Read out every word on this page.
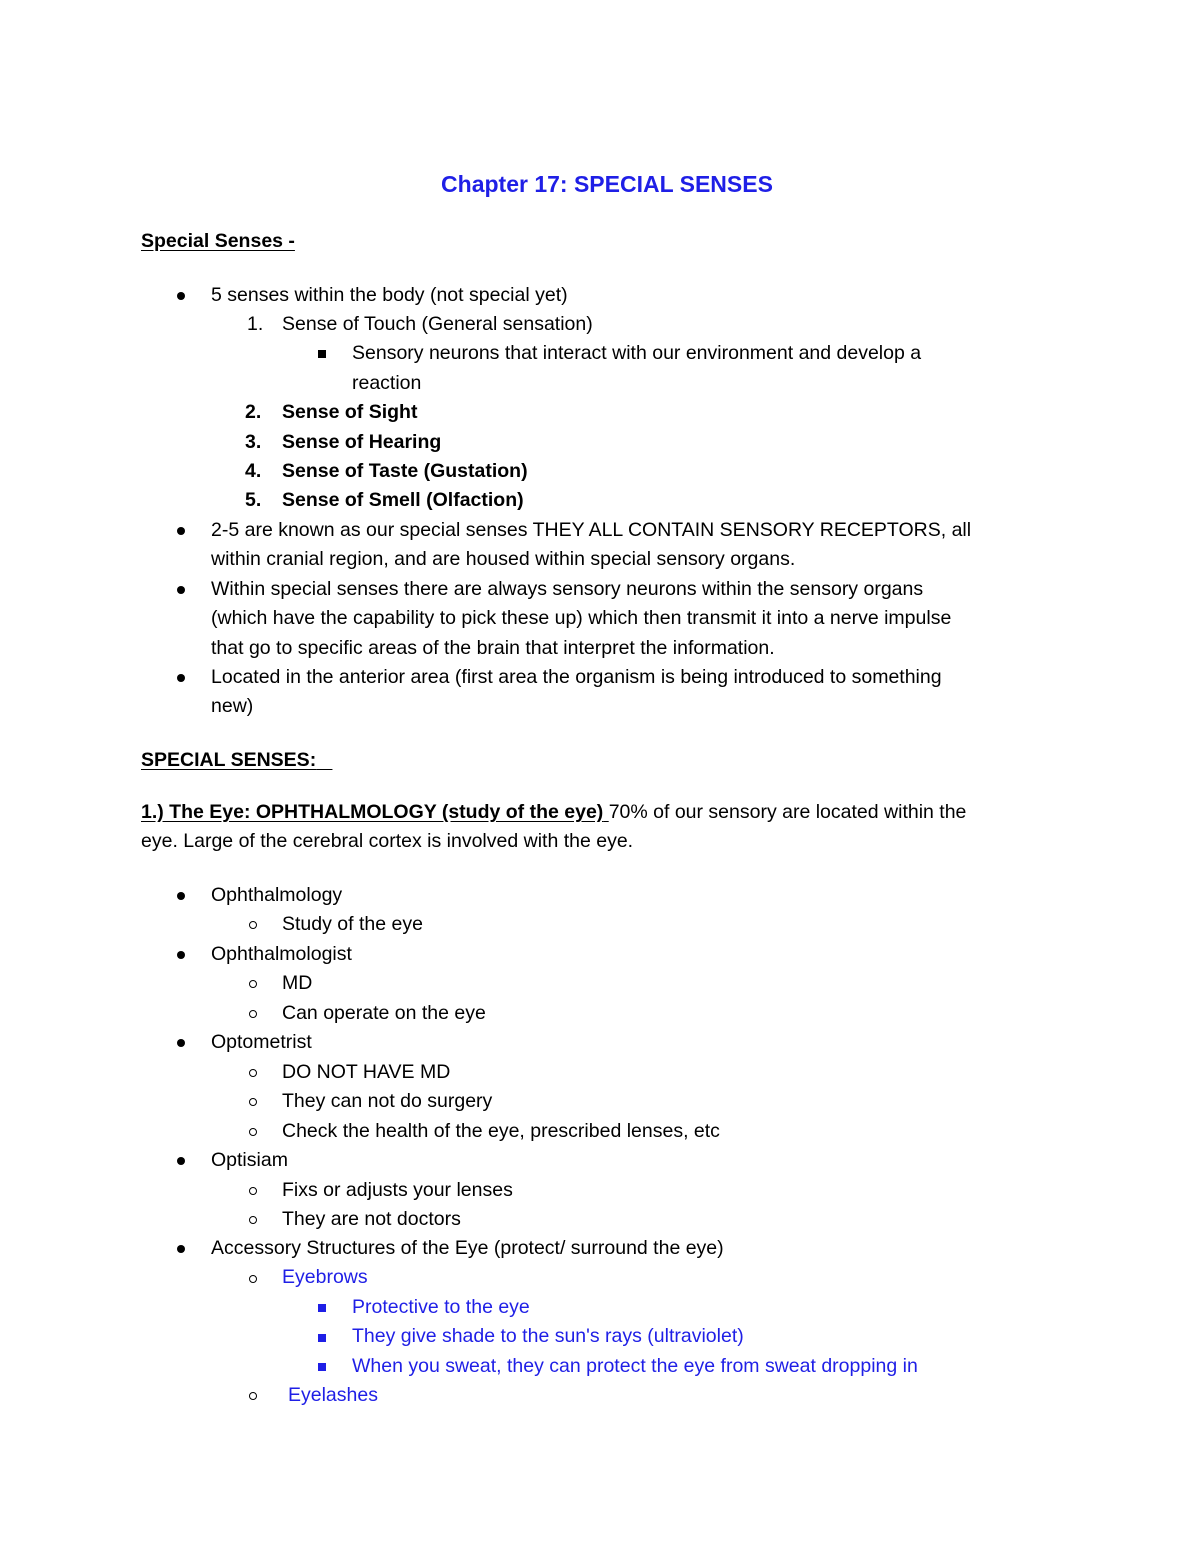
Chapter 17: SPECIAL SENSES
Special Senses -
5 senses within the body (not special yet)
1. Sense of Touch (General sensation)
Sensory neurons that interact with our environment and develop a
reaction
2. Sense of Sight
3. Sense of Hearing
4. Sense of Taste (Gustation)
5. Sense of Smell (Olfaction)
2-5 are known as our special senses THEY ALL CONTAIN SENSORY RECEPTORS, all
within cranial region, and are housed within special sensory organs.
Within special senses there are always sensory neurons within the sensory organs
(which have the capability to pick these up) which then transmit it into a nerve impulse
that go to specific areas of the brain that interpret the information.
Located in the anterior area (first area the organism is being introduced to something
new)
SPECIAL SENSES:
1.) The Eye: OPHTHALMOLOGY (study of the eye) 70% of our sensory are located within the
eye. Large of the cerebral cortex is involved with the eye.
Ophthalmology
Study of the eye
Ophthalmologist
MD
Can operate on the eye
Optometrist
DO NOT HAVE MD
They can not do surgery
Check the health of the eye, prescribed lenses, etc
Optisiam
Fixs or adjusts your lenses
They are not doctors
Accessory Structures of the Eye (protect/ surround the eye)
Eyebrows
Protective to the eye
They give shade to the sun's rays (ultraviolet)
When you sweat, they can protect the eye from sweat dropping in
Eyelashes
